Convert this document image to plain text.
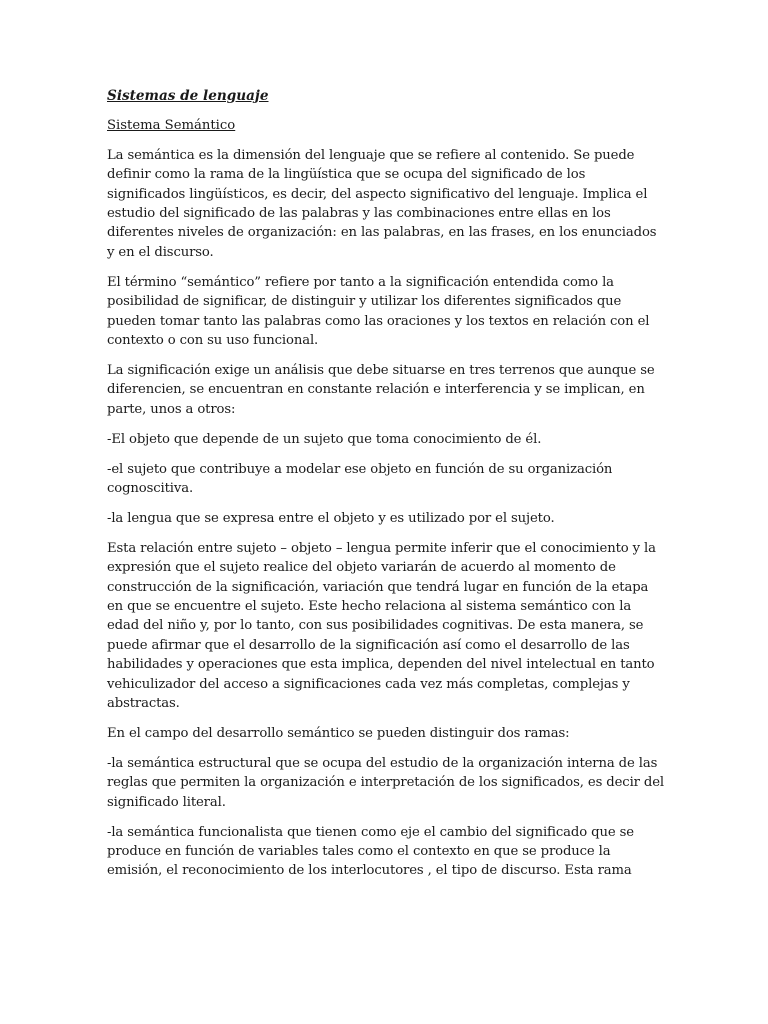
Sistemas de lenguaje
Sistema Semántico

La semántica es la dimensión del lenguaje que se refiere al contenido. Se puede definir como la rama de la lingüística que se ocupa del significado de los significados lingüísticos, es decir, del aspecto significativo del lenguaje. Implica el estudio del significado de las palabras y las combinaciones entre ellas en los diferentes niveles de organización: en las palabras, en las frases, en los enunciados y en el discurso.

El término “semántico” refiere por tanto a la significación entendida como la posibilidad de significar, de distinguir y utilizar los diferentes significados que pueden tomar tanto las palabras como las oraciones y los textos en relación con el contexto o con su uso funcional.

La significación exige un análisis que debe situarse en tres terrenos que aunque se diferencien, se encuentran en constante relación e interferencia y se implican, en parte, unos a otros:

-El objeto que depende de un sujeto que toma conocimiento de él.

-el sujeto que contribuye a modelar ese objeto en función de su organización cognoscitiva.

-la lengua que se expresa entre el objeto y es utilizado por el sujeto.

Esta relación entre sujeto – objeto – lengua permite inferir que el conocimiento y la expresión que el sujeto realice del objeto variarán de acuerdo al momento de construcción de la significación, variación que tendrá lugar en función de la etapa en que se encuentre el sujeto. Este hecho relaciona al sistema semántico con la edad del niño y, por lo tanto, con sus posibilidades cognitivas. De esta manera, se puede afirmar que el desarrollo de la significación así como el desarrollo de las habilidades y operaciones que esta implica, dependen del nivel intelectual en tanto vehiculizador del acceso a significaciones cada vez más completas, complejas y abstractas.

En el campo del desarrollo semántico se pueden distinguir dos ramas:

-la semántica estructural que se ocupa del estudio de la organización interna de las reglas que permiten la organización e interpretación de los significados, es decir del significado literal.

-la semántica funcionalista que tienen como eje el cambio del significado que se produce en función de variables tales como el contexto en que se produce la emisión, el reconocimiento de los interlocutores , el tipo de discurso. Esta rama
